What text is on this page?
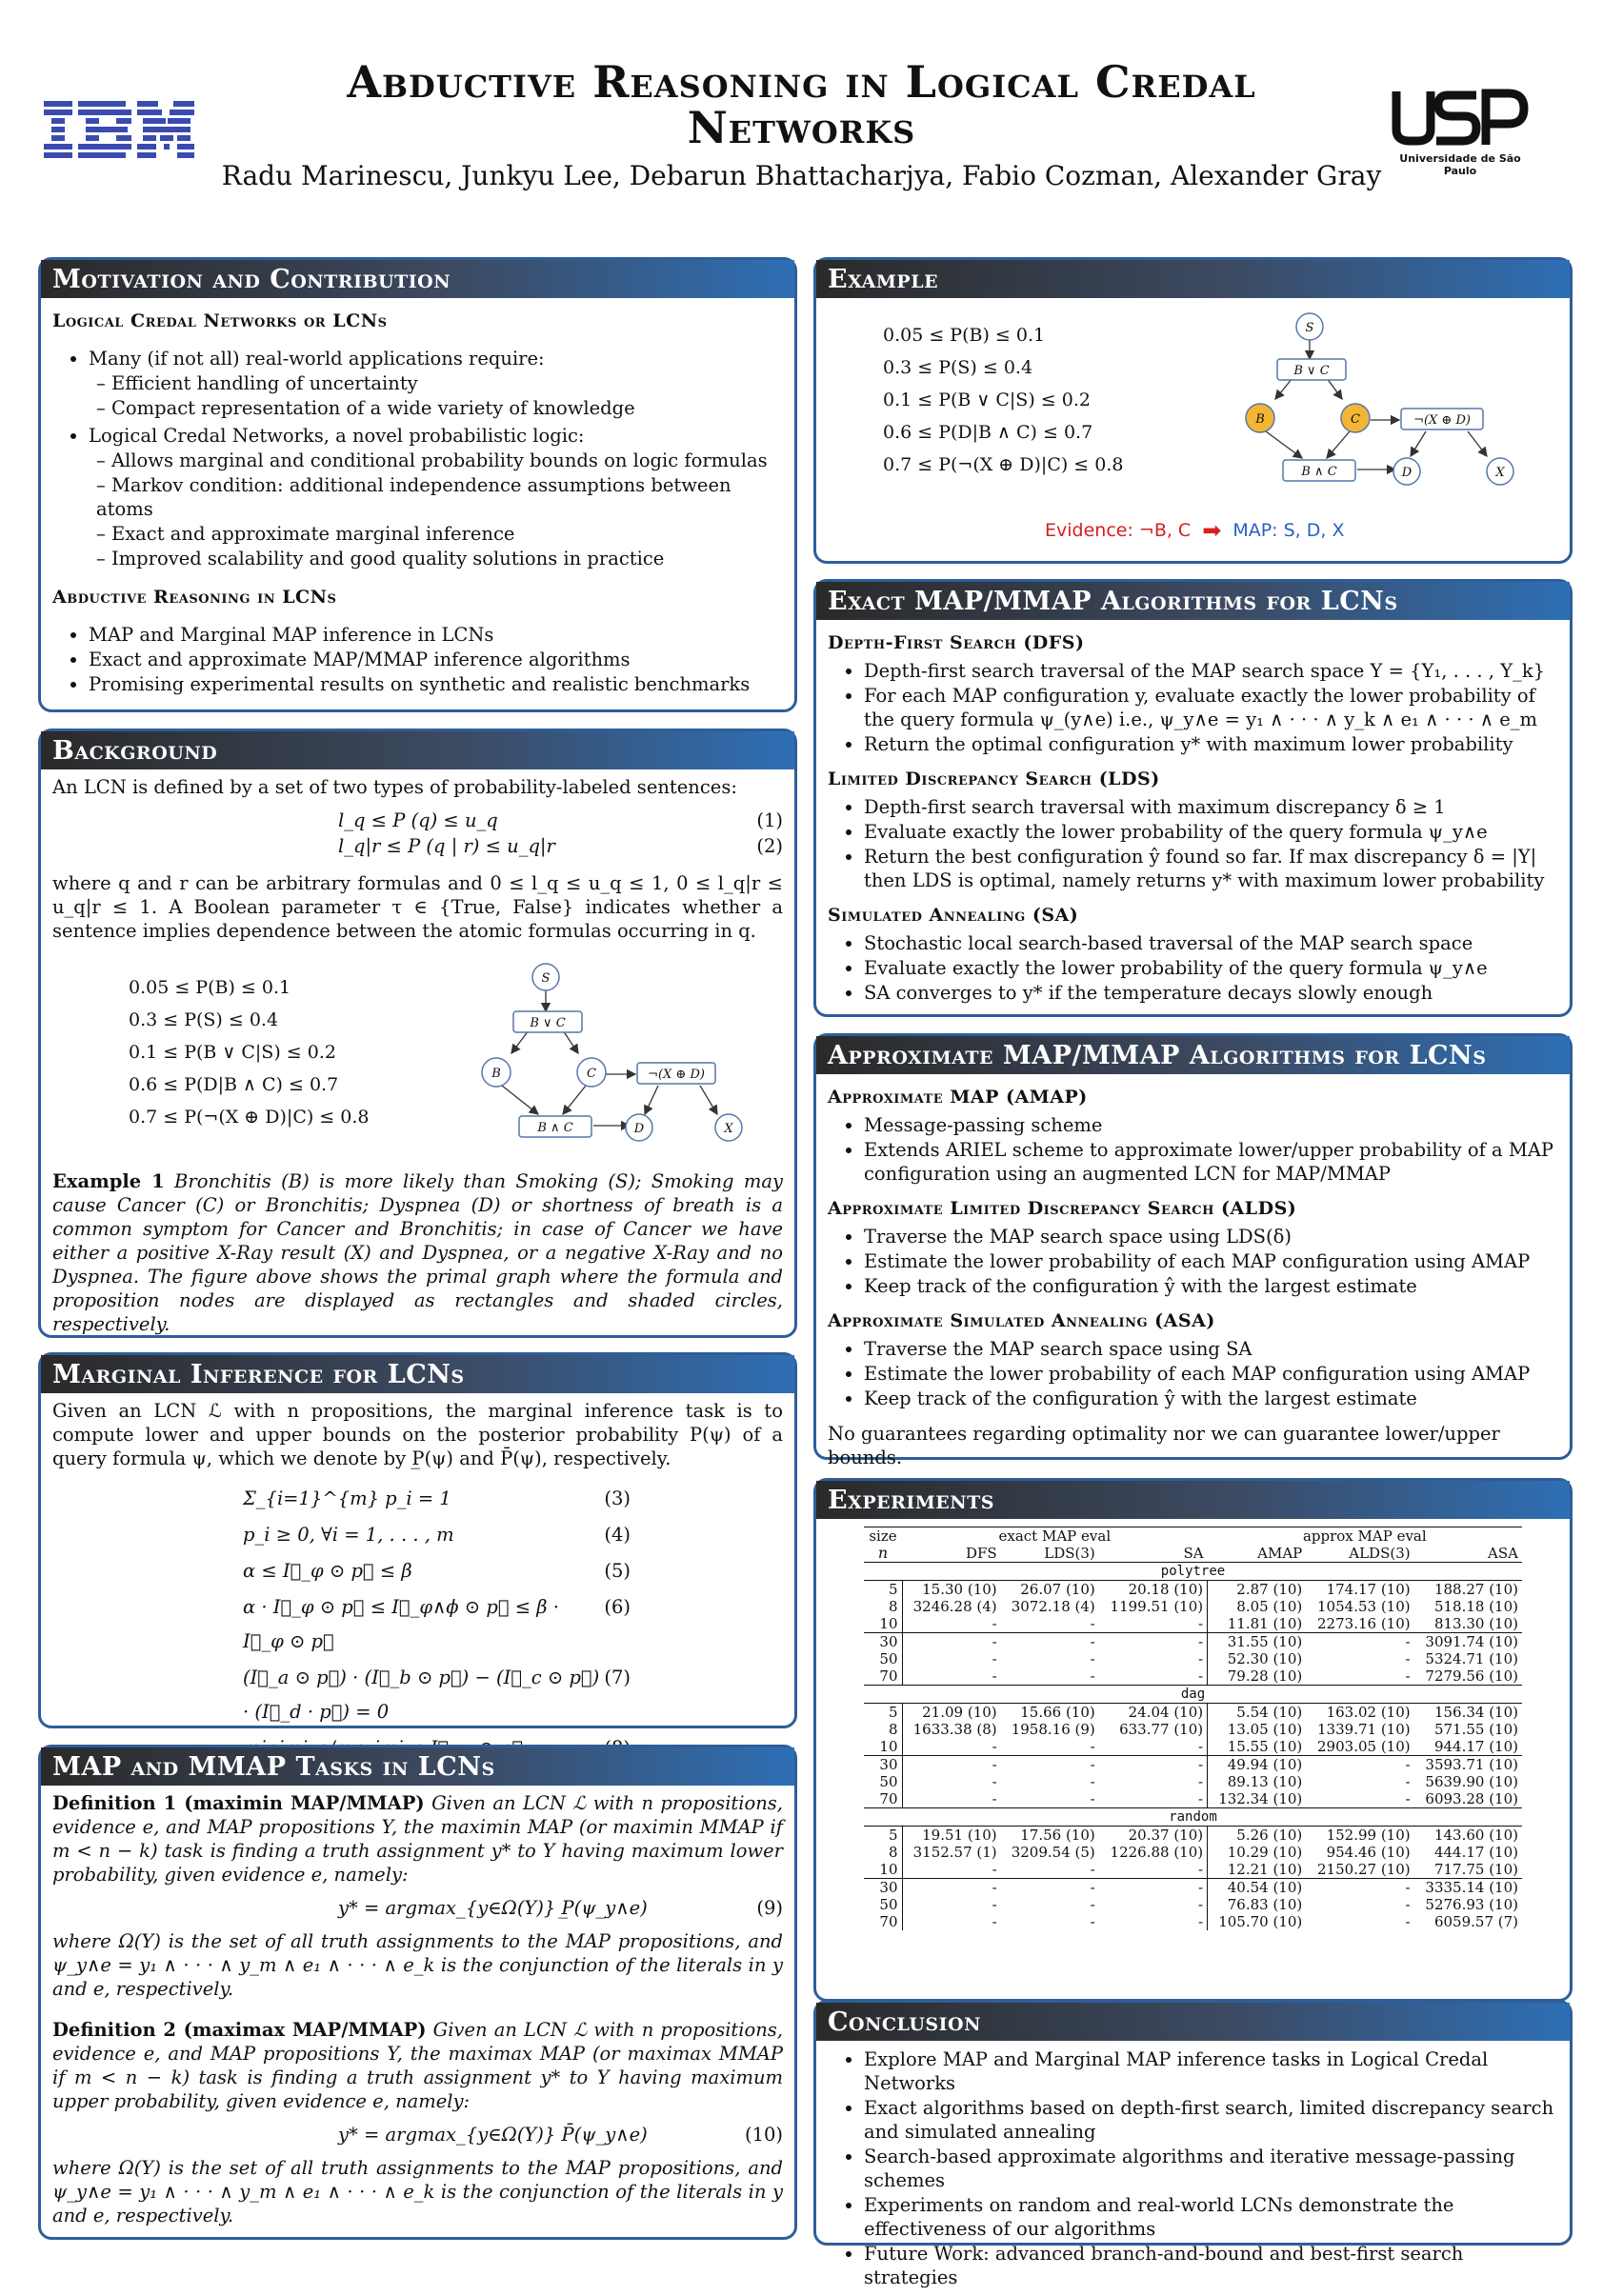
Universidade de São Paulo
Abductive Reasoning in Logical Credal
Networks
Radu Marinescu, Junkyu Lee, Debarun Bhattacharjya, Fabio Cozman, Alexander Gray
Motivation and Contribution
Logical Credal Networks or LCNs
• Many (if not all) real-world applications require:
– Efficient handling of uncertainty
– Compact representation of a wide variety of knowledge
• Logical Credal Networks, a novel probabilistic logic:
– Allows marginal and conditional probability bounds on logic formulas
– Markov condition: additional independence assumptions between atoms
– Exact and approximate marginal inference
– Improved scalability and good quality solutions in practice
Abductive Reasoning in LCNs
• MAP and Marginal MAP inference in LCNs
• Exact and approximate MAP/MMAP inference algorithms
• Promising experimental results on synthetic and realistic benchmarks
Background
An LCN is defined by a set of two types of probability-labeled sentences:
l_q ≤ P (q) ≤ u_q	(1)
l_q|r ≤ P (q | r) ≤ u_q|r	(2)
where q and r can be arbitrary formulas and 0 ≤ l_q ≤ u_q ≤ 1, 0 ≤ l_q|r ≤ u_q|r ≤ 1. A Boolean parameter τ ∈ {True, False} indicates whether a sentence implies dependence between the atomic formulas occurring in q.
0.05 ≤ P(B) ≤ 0.1
0.3 ≤ P(S) ≤ 0.4
0.1 ≤ P(B ∨ C|S) ≤ 0.2
0.6 ≤ P(D|B ∧ C) ≤ 0.7
0.7 ≤ P(¬(X ⊕ D)|C) ≤ 0.8
S
B ∨ C
B	C	¬(X ⊕ D)
B ∧ C	D	X
Example 1 Bronchitis (B) is more likely than Smoking (S); Smoking may cause Cancer (C) or Bronchitis; Dyspnea (D) or shortness of breath is a common symptom for Cancer and Bronchitis; in case of Cancer we have either a positive X-Ray result (X) and Dyspnea, or a negative X-Ray and no Dyspnea. The figure above shows the primal graph where the formula and proposition nodes are displayed as rectangles and shaded circles, respectively.
Marginal Inference for LCNs
Given an LCN ℒ with n propositions, the marginal inference task is to compute lower and upper bounds on the posterior probability P(ψ) of a query formula ψ, which we denote by P̲(ψ) and P̄(ψ), respectively.
Σ_{i=1}^{m} p_i = 1	(3)
p_i ≥ 0, ∀i = 1, . . . , m	(4)
α ≤ I⃗_φ ⊙ p⃗ ≤ β	(5)
α · I⃗_φ ⊙ p⃗ ≤ I⃗_φ∧ϕ ⊙ p⃗ ≤ β · I⃗_φ ⊙ p⃗
(6)
(I⃗_a ⊙ p⃗) · (I⃗_b ⊙ p⃗) − (I⃗_c ⊙ p⃗) · (I⃗_d · p⃗) = 0
(7)
MAP and MMAP Tasks in LCNs
Definition 1 (maximin MAP/MMAP) Given an LCN ℒ with n propositions, evidence e, and MAP propositions Y, the maximin MAP (or maximin MMAP if m < n − k) task is finding a truth assignment y* to Y having maximum lower probability, given evidence e, namely:
y* = argmax_{y∈Ω(Y)} P̲(ψ_y∧e)	(9)
where Ω(Y) is the set of all truth assignments to the MAP propositions, and ψ_y∧e = y₁ ∧ · · · ∧ y_m ∧ e₁ ∧ · · · ∧ e_k is the conjunction of the literals in y and e, respectively.
Definition 2 (maximax MAP/MMAP) Given an LCN ℒ with n propositions, evidence e, and MAP propositions Y, the maximax MAP (or maximax MMAP if m < n − k) task is finding a truth assignment y* to Y having maximum upper probability, given evidence e, namely:
y* = argmax_{y∈Ω(Y)} P̄(ψ_y∧e)	(10)
where Ω(Y) is the set of all truth assignments to the MAP propositions, and ψ_y∧e = y₁ ∧ · · · ∧ y_m ∧ e₁ ∧ · · · ∧ e_k is the conjunction of the literals in y and e, respectively.
Example
0.05 ≤ P(B) ≤ 0.1
0.3 ≤ P(S) ≤ 0.4
0.1 ≤ P(B ∨ C|S) ≤ 0.2
0.6 ≤ P(D|B ∧ C) ≤ 0.7
0.7 ≤ P(¬(X ⊕ D)|C) ≤ 0.8
S
B ∨ C
B	C	¬(X ⊕ D)
B ∧ C	D	X
Evidence: ¬B, C ➡ MAP: S, D, X
Exact MAP/MMAP Algorithms for LCNs
Depth-First Search (DFS)
• Depth-first search traversal of the MAP search space Y = {Y₁, . . . , Y_k}
• For each MAP configuration y, evaluate exactly the lower probability of the query formula ψ_(y∧e) i.e., ψ_y∧e = y₁ ∧ · · · ∧ y_k ∧ e₁ ∧ · · · ∧ e_m
• Return the optimal configuration y* with maximum lower probability
Limited Discrepancy Search (LDS)
• Depth-first search traversal with maximum discrepancy δ ≥ 1
• Evaluate exactly the lower probability of the query formula ψ_y∧e
• Return the best configuration ŷ found so far. If max discrepancy δ = |Y| then LDS is optimal, namely returns y* with maximum lower probability
Simulated Annealing (SA)
• Stochastic local search-based traversal of the MAP search space
• Evaluate exactly the lower probability of the query formula ψ_y∧e
• SA converges to y* if the temperature decays slowly enough
Approximate MAP/MMAP Algorithms for LCNs
Approximate MAP (AMAP)
• Message-passing scheme
• Extends ARIEL scheme to approximate lower/upper probability of a MAP configuration using an augmented LCN for MAP/MMAP
Approximate Limited Discrepancy Search (ALDS)
• Traverse the MAP search space using LDS(δ)
• Estimate the lower probability of each MAP configuration using AMAP
• Keep track of the configuration ŷ with the largest estimate
Approximate Simulated Annealing (ASA)
• Traverse the MAP search space using SA
• Estimate the lower probability of each MAP configuration using AMAP
• Keep track of the configuration ŷ with the largest estimate
No guarantees regarding optimality nor we can guarantee lower/upper bounds.
Experiments
size	exact MAP eval			approx MAP eval		
n	DFS	LDS(3)	SA	AMAP	ALDS(3)	ASA
polytree						
5	15.30 (10)	26.07 (10)	20.18 (10)	2.87 (10)	174.17 (10)	188.27 (10)
8	3246.28 (4)	3072.18 (4)	1199.51 (10)	8.05 (10)	1054.53 (10)	518.18 (10)
10	-	-	-	11.81 (10)	2273.16 (10)	813.30 (10)
30	-	-	-	31.55 (10)	-	3091.74 (10)
50	-	-	-	52.30 (10)	-	5324.71 (10)
70	-	-	-	79.28 (10)	-	7279.56 (10)
dag						
5	21.09 (10)	15.66 (10)	24.04 (10)	5.54 (10)	163.02 (10)	156.34 (10)
8	1633.38 (8)	1958.16 (9)	633.77 (10)	13.05 (10)	1339.71 (10)	571.55 (10)
10	-	-	-	15.55 (10)	2903.05 (10)	944.17 (10)
30	-	-	-	49.94 (10)	-	3593.71 (10)
50	-	-	-	89.13 (10)	-	5639.90 (10)
70	-	-	-	132.34 (10)	-	6093.28 (10)
random						
5	19.51 (10)	17.56 (10)	20.37 (10)	5.26 (10)	152.99 (10)	143.60 (10)
8	3152.57 (1)	3209.54 (5)	1226.88 (10)	10.29 (10)	954.46 (10)	444.17 (10)
10	-	-	-	12.21 (10)	2150.27 (10)	717.75 (10)
30	-	-	-	40.54 (10)	-	3335.14 (10)
50	-	-	-	76.83 (10)	-	5276.93 (10)
70	-	-	-	105.70 (10)	-	6059.57 (7)
Conclusion
• Explore MAP and Marginal MAP inference tasks in Logical Credal Networks
• Exact algorithms based on depth-first search, limited discrepancy search and simulated annealing
• Search-based approximate algorithms and iterative message-passing schemes
• Experiments on random and real-world LCNs demonstrate the effectiveness of our algorithms
• Future Work: advanced branch-and-bound and best-first search strategies
